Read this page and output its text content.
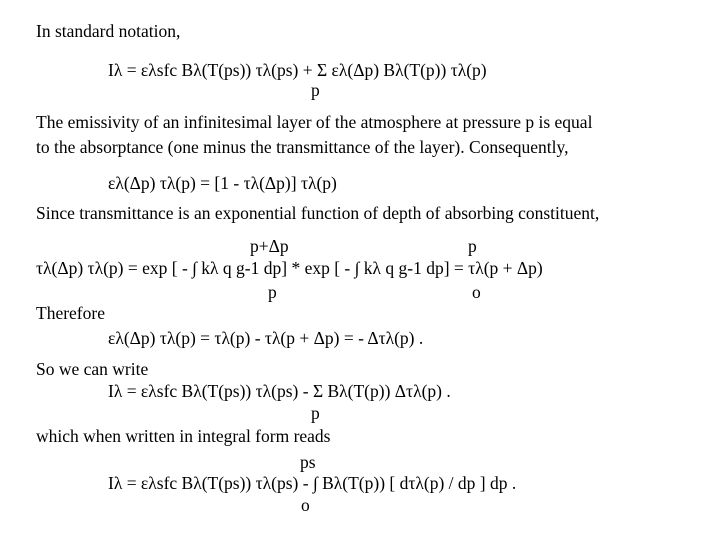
In standard notation,
Iλ = ελsfc Bλ(T(ps)) τλ(ps) + Σ ελ(Δp) Bλ(T(p)) τλ(p)
p
The emissivity of an infinitesimal layer of the atmosphere at pressure p is equal
to the absorptance (one minus the transmittance of the layer). Consequently,
ελ(Δp) τλ(p) = [1 - τλ(Δp)] τλ(p)
Since transmittance is an exponential function of depth of absorbing constituent,
p+Δp	p
τλ(Δp) τλ(p) = exp [ - ∫ kλ q g-1 dp] * exp [ - ∫ kλ q g-1 dp] = τλ(p + Δp)
p	o
Therefore
ελ(Δp) τλ(p) = τλ(p) - τλ(p + Δp) = - Δτλ(p) .
So we can write
Iλ = ελsfc Bλ(T(ps)) τλ(ps) - Σ Bλ(T(p)) Δτλ(p) .
p
which when written in integral form reads
ps
Iλ = ελsfc Bλ(T(ps)) τλ(ps) - ∫ Bλ(T(p)) [ dτλ(p) / dp ] dp .
o
